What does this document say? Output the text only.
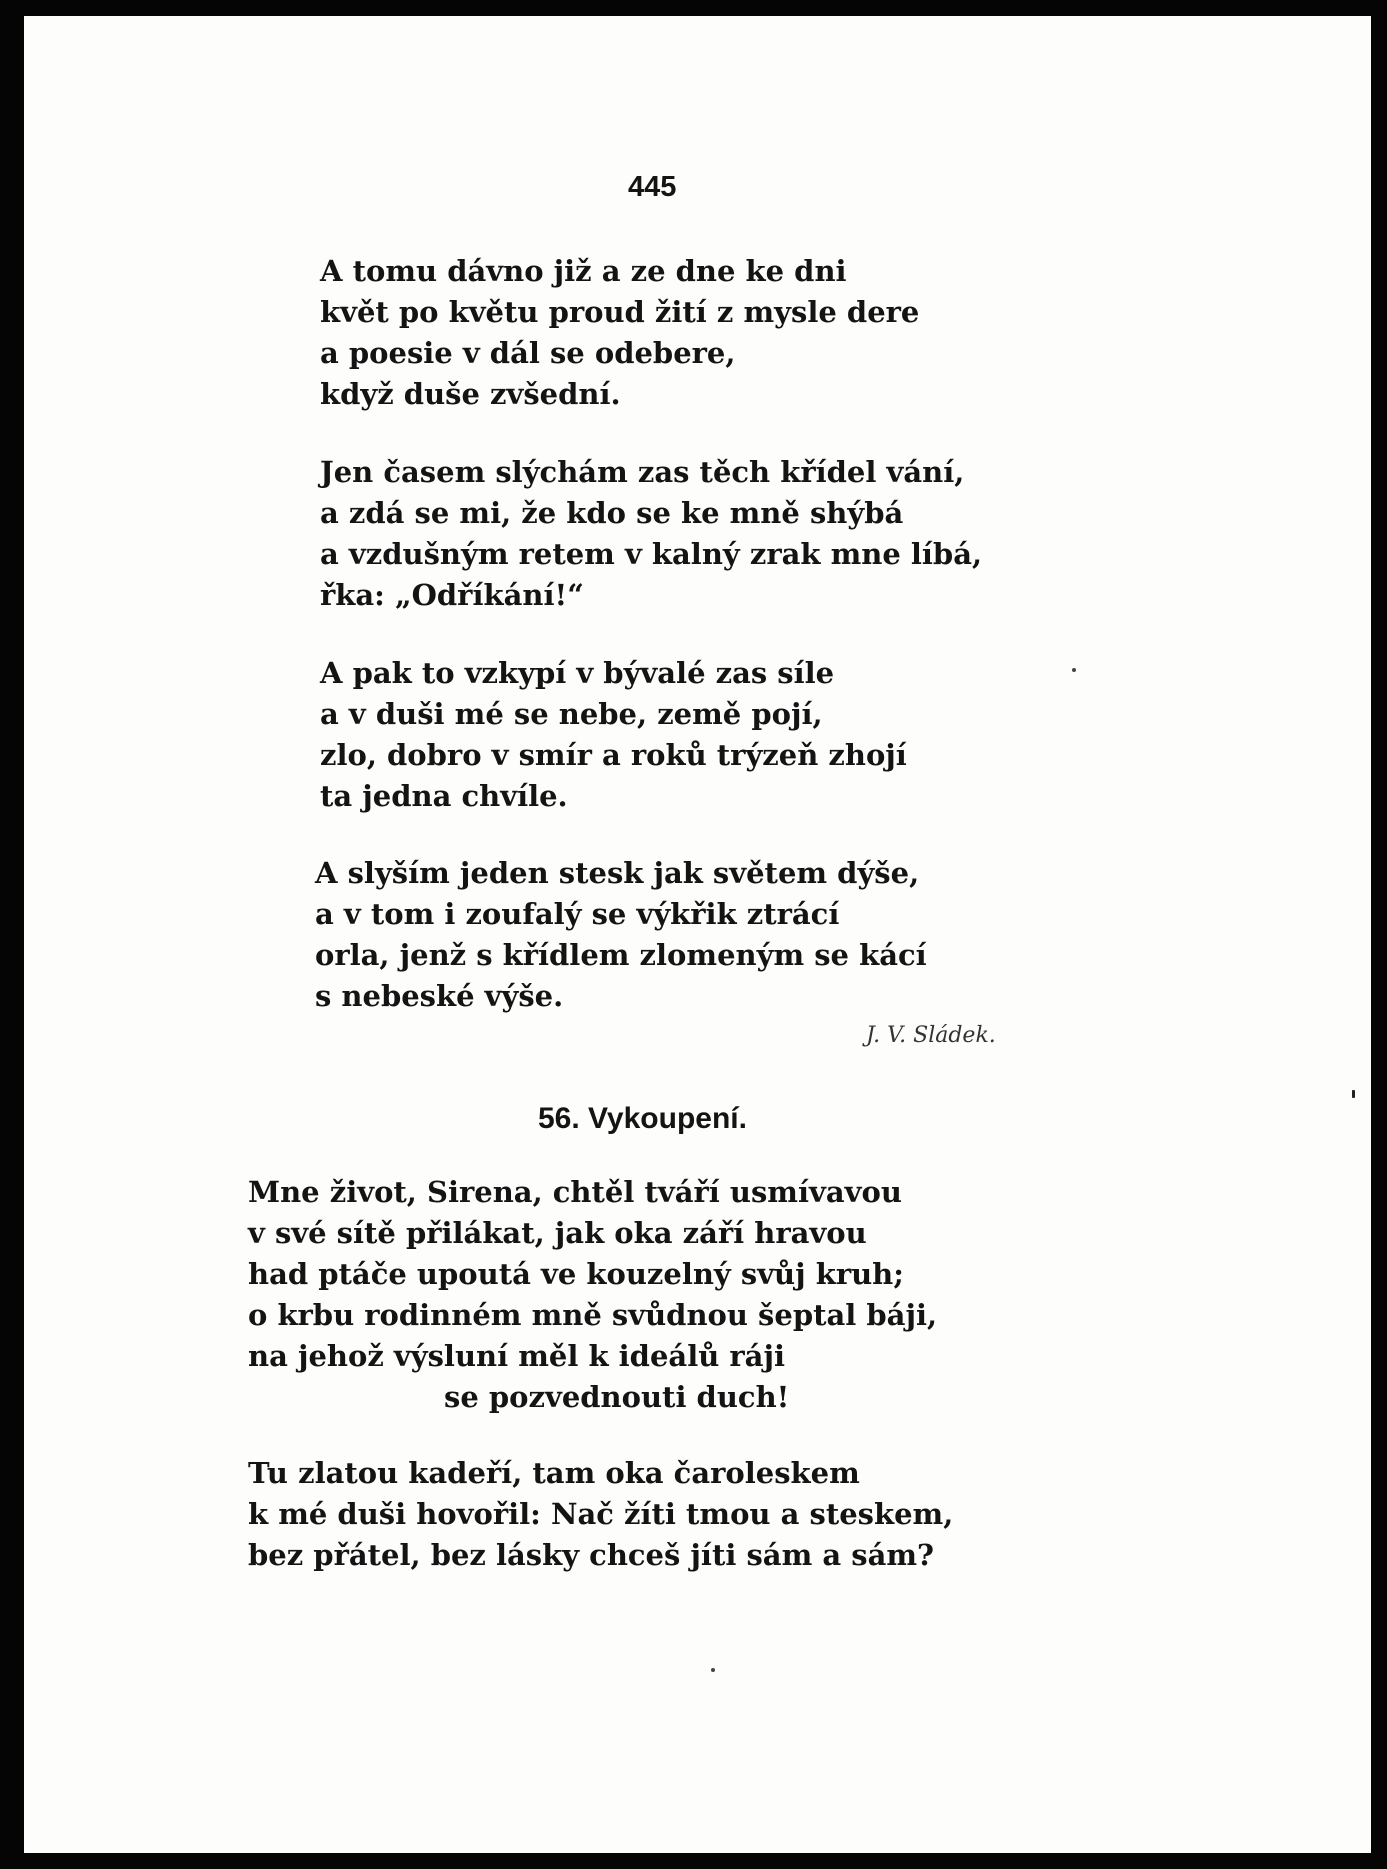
445
A tomu dávno již a ze dne ke dni
květ po květu proud žití z mysle dere
a poesie v dál se odebere,
když duše zvšední.
Jen časem slýchám zas těch křídel vání,
a zdá se mi, že kdo se ke mně shýbá
a vzdušným retem v kalný zrak mne líbá,
řka: „Odříkání!“
A pak to vzkypí v bývalé zas síle
a v duši mé se nebe, země pojí,
zlo, dobro v smír a roků trýzeň zhojí
ta jedna chvíle.
A slyším jeden stesk jak světem dýše,
a v tom i zoufalý se výkřik ztrácí
orla, jenž s křídlem zlomeným se kácí
s nebeské výše.
J. V. Sládek.
56. Vykoupení.
Mne život, Sirena, chtěl tváří usmívavou
v své sítě přilákat, jak oka září hravou
had ptáče upoutá ve kouzelný svůj kruh;
o krbu rodinném mně svůdnou šeptal báji,
na jehož výsluní měl k ideálů ráji
se pozvednouti duch!
Tu zlatou kadeří, tam oka čaroleskem
k mé duši hovořil: Nač žíti tmou a steskem,
bez přátel, bez lásky chceš jíti sám a sám?
